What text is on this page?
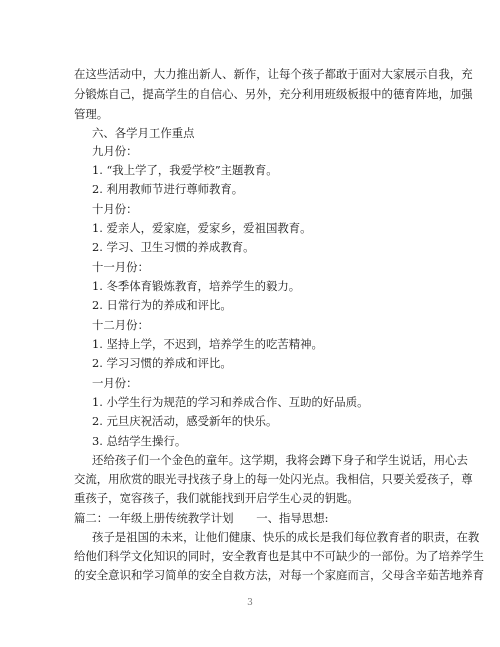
在这些活动中，大力推出新人、新作，让每个孩子都敢于面对大家展示自我，充
分锻炼自己，提高学生的自信心、另外，充分利用班级板报中的德育阵地，加强
管理。
六、各学月工作重点
九月份：
1. “我上学了，我爱学校”主题教育。
2. 利用教师节进行尊师教育。
十月份：
1. 爱亲人，爱家庭，爱家乡，爱祖国教育。
2. 学习、卫生习惯的养成教育。
十一月份：
1. 冬季体育锻炼教育，培养学生的毅力。
2. 日常行为的养成和评比。
十二月份：
1. 坚持上学，不迟到，培养学生的吃苦精神。
2. 学习习惯的养成和评比。
一月份：
1. 小学生行为规范的学习和养成合作、互助的好品质。
2. 元旦庆祝活动，感受新年的快乐。
3. 总结学生操行。
还给孩子们一个金色的童年。这学期，我将会蹲下身子和学生说话，用心去
交流，用欣赏的眼光寻找孩子身上的每一处闪光点。我相信，只要关爱孩子，尊
重孩子，宽容孩子，我们就能找到开启学生心灵的钥匙。
篇二：一年级上册传统教学计划　　一、指导思想:
孩子是祖国的未来，让他们健康、快乐的成长是我们每位教育者的职责，在教
给他们科学文化知识的同时，安全教育也是其中不可缺少的一部份。为了培养学生
的安全意识和学习简单的安全自救方法，对每一个家庭而言，父母含辛茹苦地养育
3
